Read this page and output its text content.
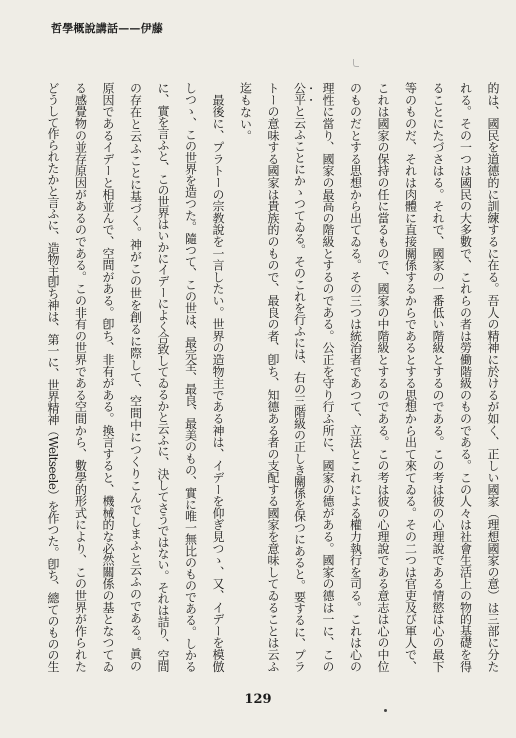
哲學概說講話——伊藤
的は、國民を道德的に訓練するに在る。吾人の精神に於けるが如く、正しい國家（理想國家の意）は三部に分た
れる。その一つは國民の大多數で、これらの者は勞働階級のものである。この人々は社會生活上の物的基礎を得
ることにたづさはる。それで、國家の一番低い階級とするのである。この考は彼の心理說である情慾は心の最下
等のものだ、それは肉體に直接關係するからであるとする思想から出て來てゐる。その二つは官吏及び軍人で、
これは國家の保持の任に當るもので、國家の中階級とするのである。この考は彼の心理說である意志は心の中位
のものだとする思想から出てゐる。その三つは統治者であつて、立法とこれによる權力執行を司る。これは心の
理性に當り、國家の最高の階級とするのである。公正を守り行ふ所に、國家の德がある。國家の德は一に、この
公平と云ふことにかゝつてゐる。そのこれを行ふには、右の三階級の正しき關係を保つにあると。要するに、プラ
トーの意味する國家は貴族的のもので、最良の者、卽ち、知德ある者の支配する國家を意味してゐることは云ふ
迄もない。
　最後に、プラトーの宗教說を一言したい。世界の造物主である神は、イデーを仰ぎ見つゝ、又、イデーを模倣
しつゝ、この世界を造つた。隨つて、この世は、最完全、最良、最美のもの、實に唯一無比のものである。しかる
に、實を言ふと、この世界はいかにイデーによく合致してゐるかと云ふに、決してさうではない。それは詰り、空間
の存在と云ふことに基づく。神がこの世を創るに際して、空間中につくりこんでしまふと云ふのである。眞の
原因であるイデーと相並んで、空間がある。卽ち、非有がある。換言すると、機械的な必然關係の基となつてゐ
る感覺物の並存原因があるのである。この非有の世界である空間から、數學的形式により、この世界が作られた
どうして作られたかと言ふに、造物主卽ち神は、第一に、世界精神（Weltseele）を作つた。卽ち、總てのものの生
129
